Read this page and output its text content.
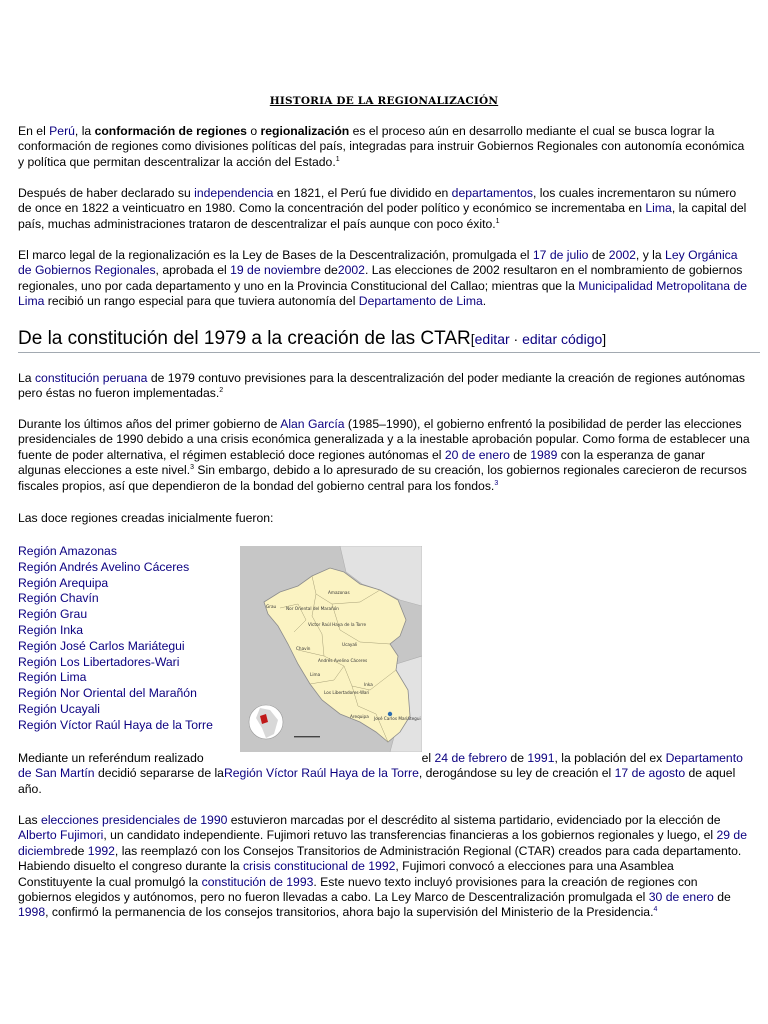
HISTORIA DE LA REGIONALIZACIÓN

En el Perú, la conformación de regiones o regionalización es el proceso aún en desarrollo mediante el cual se busca lograr la conformación de regiones como divisiones políticas del país, integradas para instruir Gobiernos Regionales con autonomía económica y política que permitan descentralizar la acción del Estado.$^1$

Después de haber declarado su independencia en 1821, el Perú fue dividido en departamentos, los cuales incrementaron su número de once en 1822 a veinticuatro en 1980. Como la concentración del poder político y económico se incrementaba en Lima, la capital del país, muchas administraciones trataron de descentralizar el país aunque con poco éxito.$^1$

El marco legal de la regionalización es la Ley de Bases de la Descentralización, promulgada el 17 de julio de 2002, y la Ley Orgánica de Gobiernos Regionales, aprobada el 19 de noviembre de2002. Las elecciones de 2002 resultaron en el nombramiento de gobiernos regionales, uno por cada departamento y uno en la Provincia Constitucional del Callao; mientras que la Municipalidad Metropolitana de Lima recibió un rango especial para que tuviera autonomía del Departamento de Lima.

De la constitución del 1979 a la creación de las CTAR[editar · editar código]

La constitución peruana de 1979 contuvo previsiones para la descentralización del poder mediante la creación de regiones autónomas pero éstas no fueron implementadas.$^2$

Durante los últimos años del primer gobierno de Alan García (1985–1990), el gobierno enfrentó la posibilidad de perder las elecciones presidenciales de 1990 debido a una crisis económica generalizada y a la inestable aprobación popular. Como forma de establecer una fuente de poder alternativa, el régimen estableció doce regiones autónomas el 20 de enero de 1989 con la esperanza de ganar algunas elecciones a este nivel.$^3$ Sin embargo, debido a lo apresurado de su creación, los gobiernos regionales carecieron de recursos fiscales propios, así que dependieron de la bondad del gobierno central para los fondos.$^3$

Las doce regiones creadas inicialmente fueron:

Región Amazonas
Región Andrés Avelino Cáceres
Región Arequipa
Región Chavín
Región Grau
Región Inka
Región José Carlos Mariátegui
Región Los Libertadores-Wari
Región Lima
Región Nor Oriental del Marañón
Región Ucayali
Región Víctor Raúl Haya de la Torre
Grau Nor Oriental del Marañón
Amazonas
Víctor Raúl Haya de la Torre
Chavín
Ucayali
Andrés Avelino Cáceres
Lima
Los Libertadores-Wari
Inka
Arequipa José Carlos Mariátegui

Mediante un referéndum realizado	el 24 de febrero de 1991, la población del ex Departamento de San Martín decidió separarse de laRegión Víctor Raúl Haya de la Torre, derogándose su ley de creación el 17 de agosto de aquel año.

Las elecciones presidenciales de 1990 estuvieron marcadas por el descrédito al sistema partidario, evidenciado por la elección de Alberto Fujimori, un candidato independiente. Fujimori retuvo las transferencias financieras a los gobiernos regionales y luego, el 29 de diciembrede 1992, las reemplazó con los Consejos Transitorios de Administración Regional (CTAR) creados para cada departamento. Habiendo disuelto el congreso durante la crisis constitucional de 1992, Fujimori convocó a elecciones para una Asamblea Constituyente la cual promulgó la constitución de 1993. Este nuevo texto incluyó provisiones para la creación de regiones con gobiernos elegidos y autónomos, pero no fueron llevadas a cabo. La Ley Marco de Descentralización promulgada el 30 de enero de 1998, confirmó la permanencia de los consejos transitorios, ahora bajo la supervisión del Ministerio de la Presidencia.$^4$
